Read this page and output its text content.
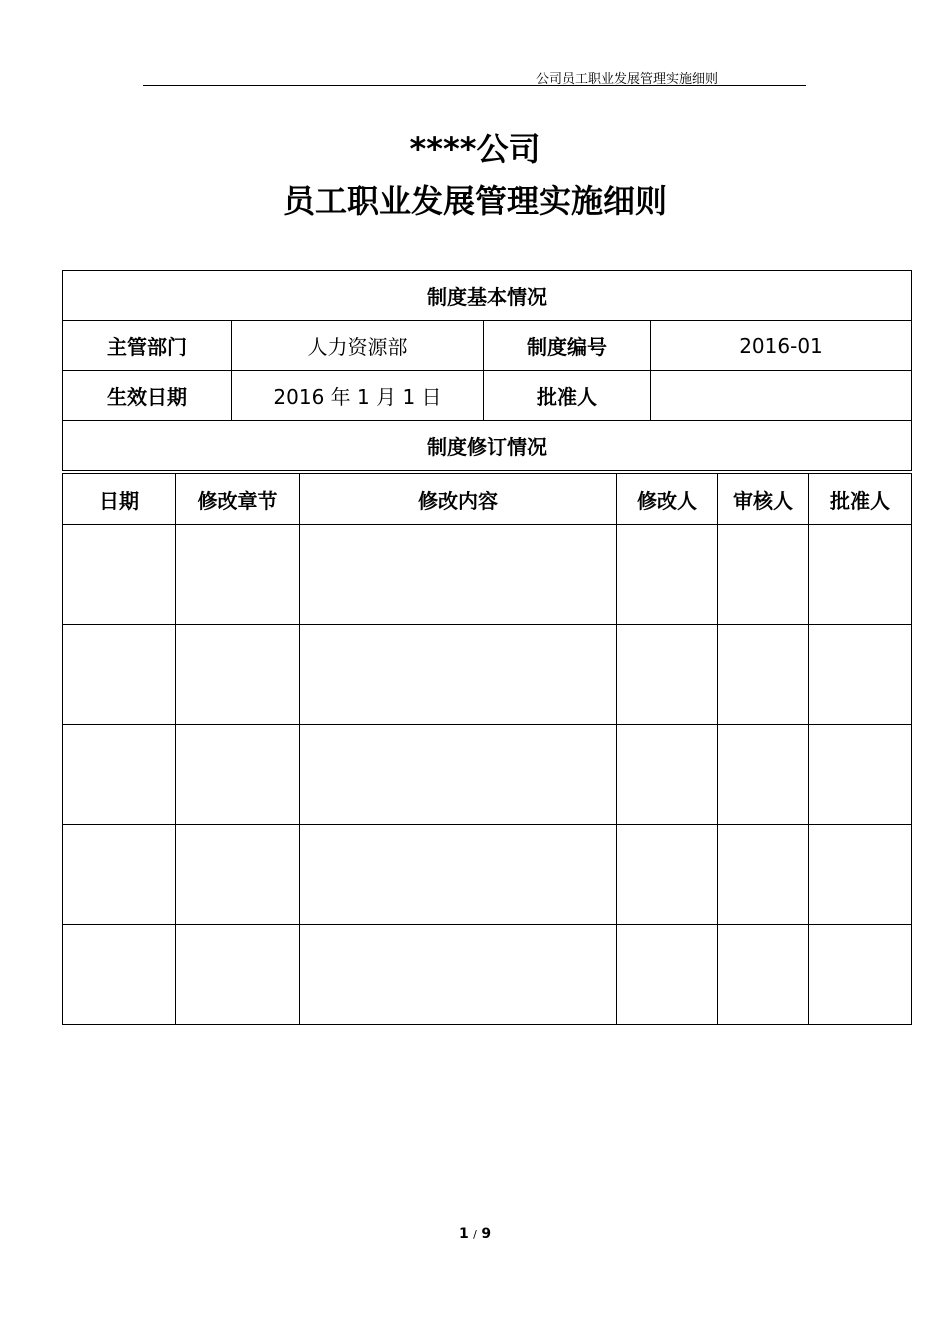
公司员工职业发展管理实施细则
****公司
员工职业发展管理实施细则
制度基本情况			
主管部门	人力资源部	制度编号	2016-01
生效日期	2016 年 1 月 1 日	批准人	
制度修订情况			
日期	修改章节	修改内容	修改人	审核人	批准人

1 / 9
